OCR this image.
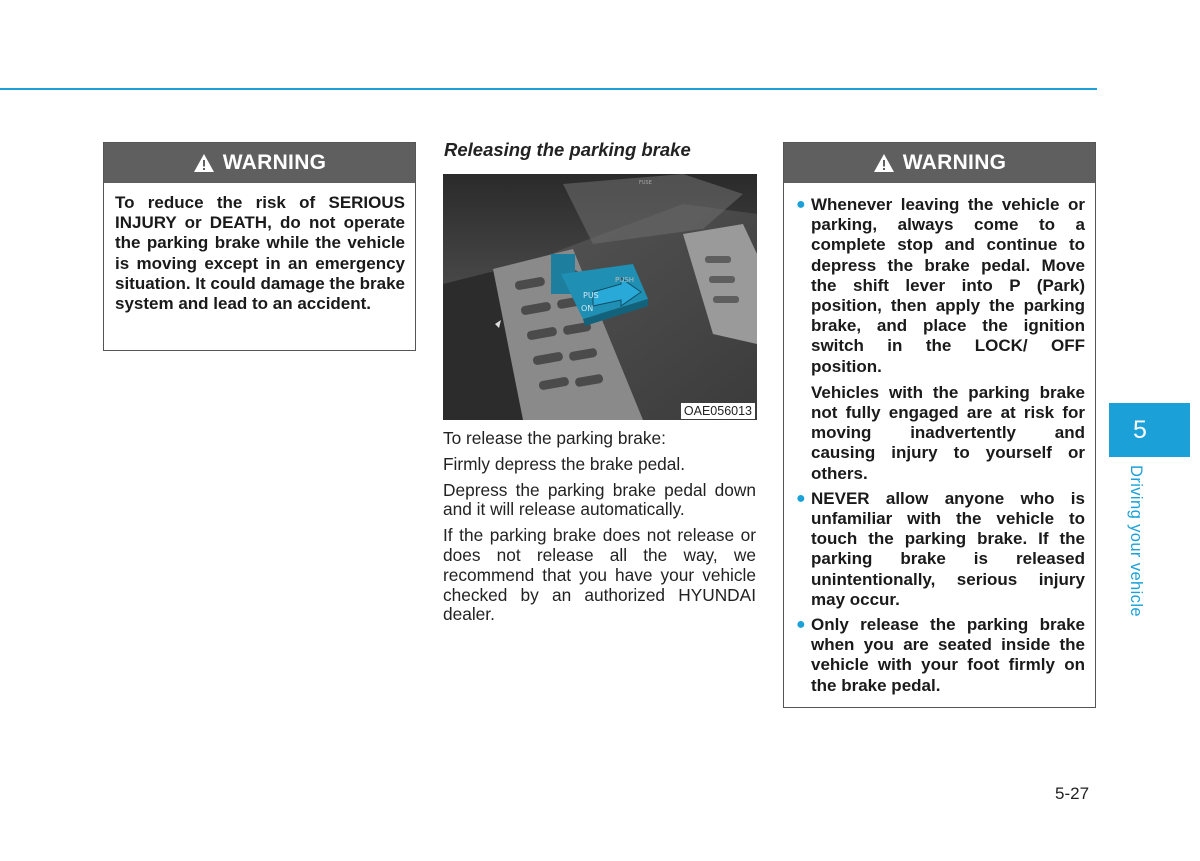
WARNING
To reduce the risk of SERIOUS INJURY or DEATH, do not operate the parking brake while the vehicle is moving except in an emergency situation. It could damage the brake system and lead to an accident.
Releasing the parking brake
PUS
ON
PUSH
FUSE
OAE056013

To release the parking brake:

Firmly depress the brake pedal.

Depress the parking brake pedal down and it will release automatically.

If the parking brake does not release or does not release all the way, we recommend that you have your vehicle checked by an authorized HYUNDAI dealer.

WARNING
● Whenever leaving the vehicle or parking, always come to a complete stop and continue to depress the brake pedal. Move the shift lever into P (Park) position, then apply the parking brake, and place the ignition switch in the LOCK/ OFF position.

Vehicles with the parking brake not fully engaged are at risk for moving inadvertently and causing injury to yourself or others.

● NEVER allow anyone who is unfamiliar with the vehicle to touch the parking brake. If the parking brake is released unintentionally, serious injury may occur.

● Only release the parking brake when you are seated inside the vehicle with your foot firmly on the brake pedal.

5
Driving your vehicle
5-27
